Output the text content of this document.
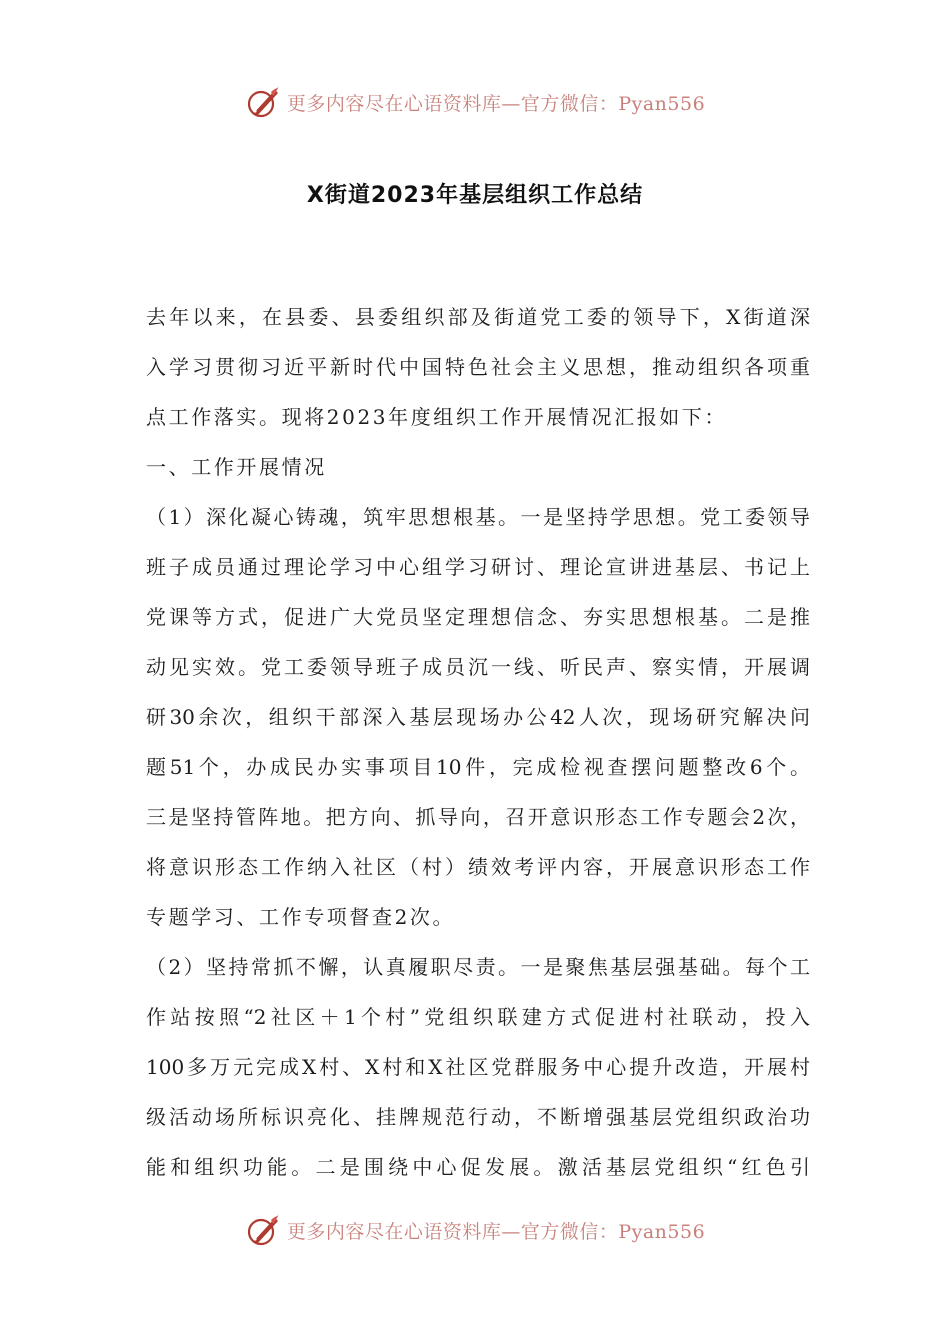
更多内容尽在心语资料库—官方微信：Pyan556
X街道2023年基层组织工作总结
去年以来，在县委、县委组织部及街道党工委的领导下，X街道深
入学习贯彻习近平新时代中国特色社会主义思想，推动组织各项重
点工作落实。现将2023年度组织工作开展情况汇报如下：
一、工作开展情况
（1）深化凝心铸魂，筑牢思想根基。一是坚持学思想。党工委领导
班子成员通过理论学习中心组学习研讨、理论宣讲进基层、书记上
党课等方式，促进广大党员坚定理想信念、夯实思想根基。二是推
动见实效。党工委领导班子成员沉一线、听民声、察实情，开展调
研30余次，组织干部深入基层现场办公42人次，现场研究解决问
题51个，办成民办实事项目10件，完成检视查摆问题整改6个。
三是坚持管阵地。把方向、抓导向，召开意识形态工作专题会2次，
将意识形态工作纳入社区（村）绩效考评内容，开展意识形态工作
专题学习、工作专项督查2次。
（2）坚持常抓不懈，认真履职尽责。一是聚焦基层强基础。每个工
作站按照“2社区＋1个村”党组织联建方式促进村社联动，投入
100多万元完成X村、X村和X社区党群服务中心提升改造，开展村
级活动场所标识亮化、挂牌规范行动，不断增强基层党组织政治功
能和组织功能。二是围绕中心促发展。激活基层党组织“红色引
更多内容尽在心语资料库—官方微信：Pyan556
